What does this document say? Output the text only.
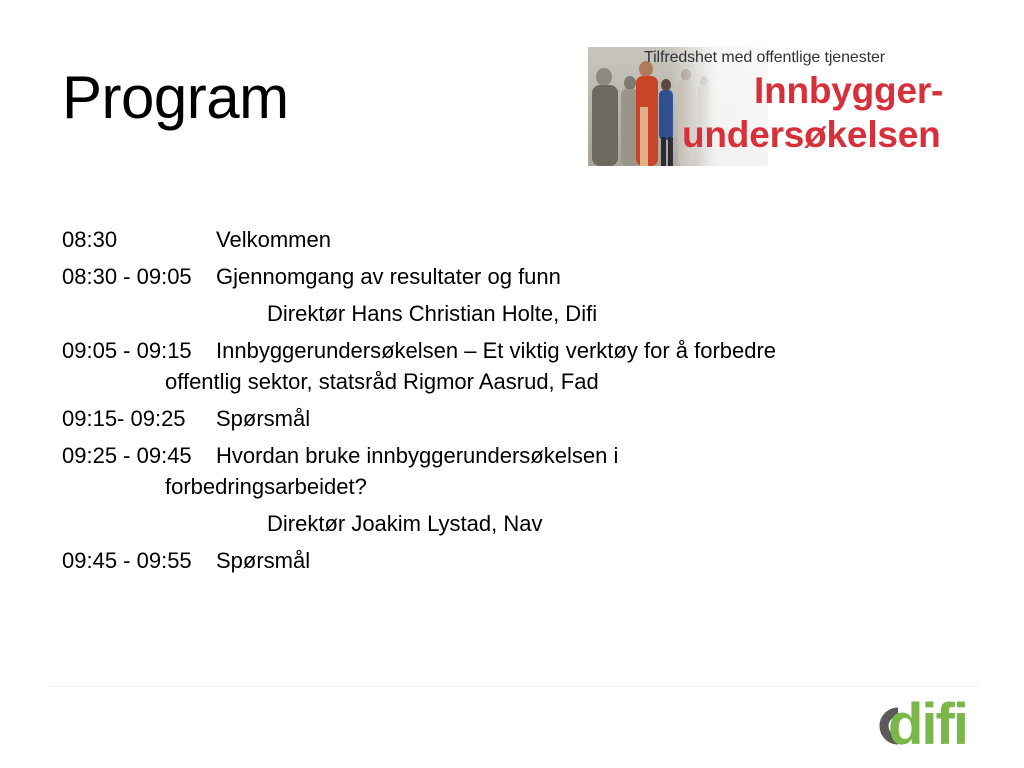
Program
Tilfredshet med offentlige tjenester
Innbygger-
undersøkelsen
08:30	Velkommen
08:30 - 09:05	Gjennomgang av resultater og funn
Direktør Hans Christian Holte, Difi
09:05 - 09:15	Innbyggerundersøkelsen – Et viktig verktøy for å forbedre
offentlig sektor, statsråd Rigmor Aasrud, Fad
09:15- 09:25	Spørsmål
09:25 - 09:45	Hvordan bruke innbyggerundersøkelsen i
forbedringsarbeidet?
Direktør Joakim Lystad, Nav
09:45 - 09:55	Spørsmål
difi
